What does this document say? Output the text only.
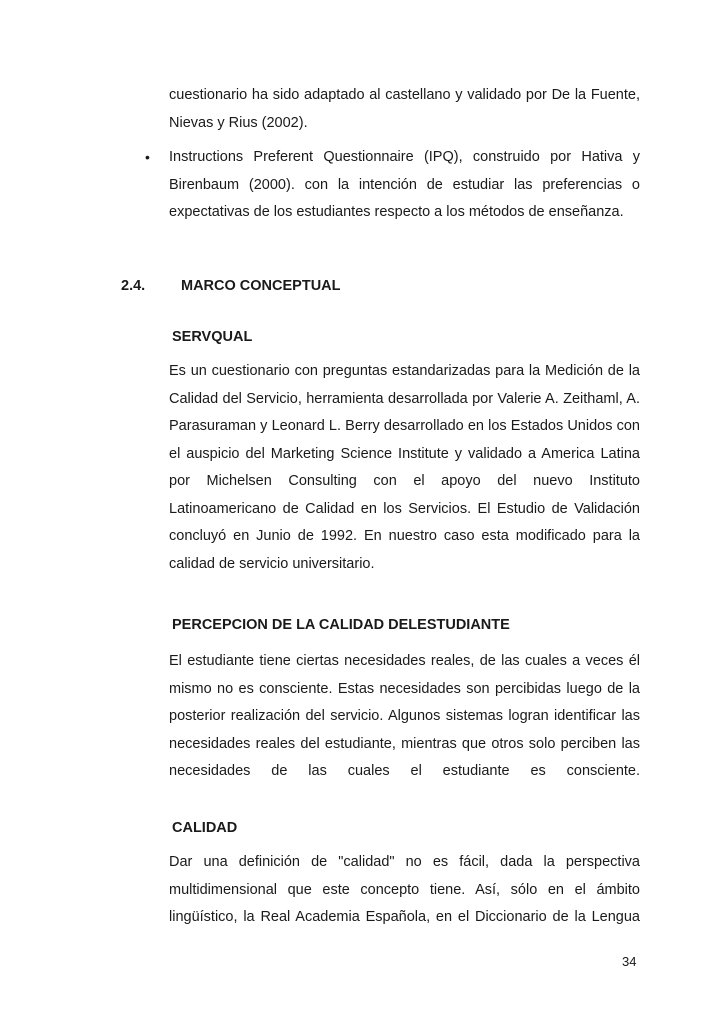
cuestionario ha sido adaptado al castellano y validado por De la Fuente, Nievas y Rius (2002).

• Instructions Preferent Questionnaire (IPQ), construido por Hativa y Birenbaum (2000). con la intención de estudiar las preferencias o expectativas de los estudiantes respecto a los métodos de enseñanza.

2.4. MARCO CONCEPTUAL
SERVQUAL

Es un cuestionario con preguntas estandarizadas para la Medición de la Calidad del Servicio, herramienta desarrollada por Valerie A. Zeithaml, A. Parasuraman y Leonard L. Berry desarrollado en los Estados Unidos con el auspicio del Marketing Science Institute y validado a America Latina por Michelsen Consulting con el apoyo del nuevo Instituto Latinoamericano de Calidad en los Servicios. El Estudio de Validación concluyó en Junio de 1992. En nuestro caso esta modificado para la calidad de servicio universitario.

PERCEPCION DE LA CALIDAD DELESTUDIANTE

El estudiante tiene ciertas necesidades reales, de las cuales a veces él mismo no es consciente. Estas necesidades son percibidas luego de la posterior realización del servicio. Algunos sistemas logran identificar las necesidades reales del estudiante, mientras que otros solo perciben las necesidades de las cuales el estudiante es consciente.

CALIDAD

Dar una definición de "calidad" no es fácil, dada la perspectiva multidimensional que este concepto tiene. Así, sólo en el ámbito lingüístico, la Real Academia Española, en el Diccionario de la Lengua

34
